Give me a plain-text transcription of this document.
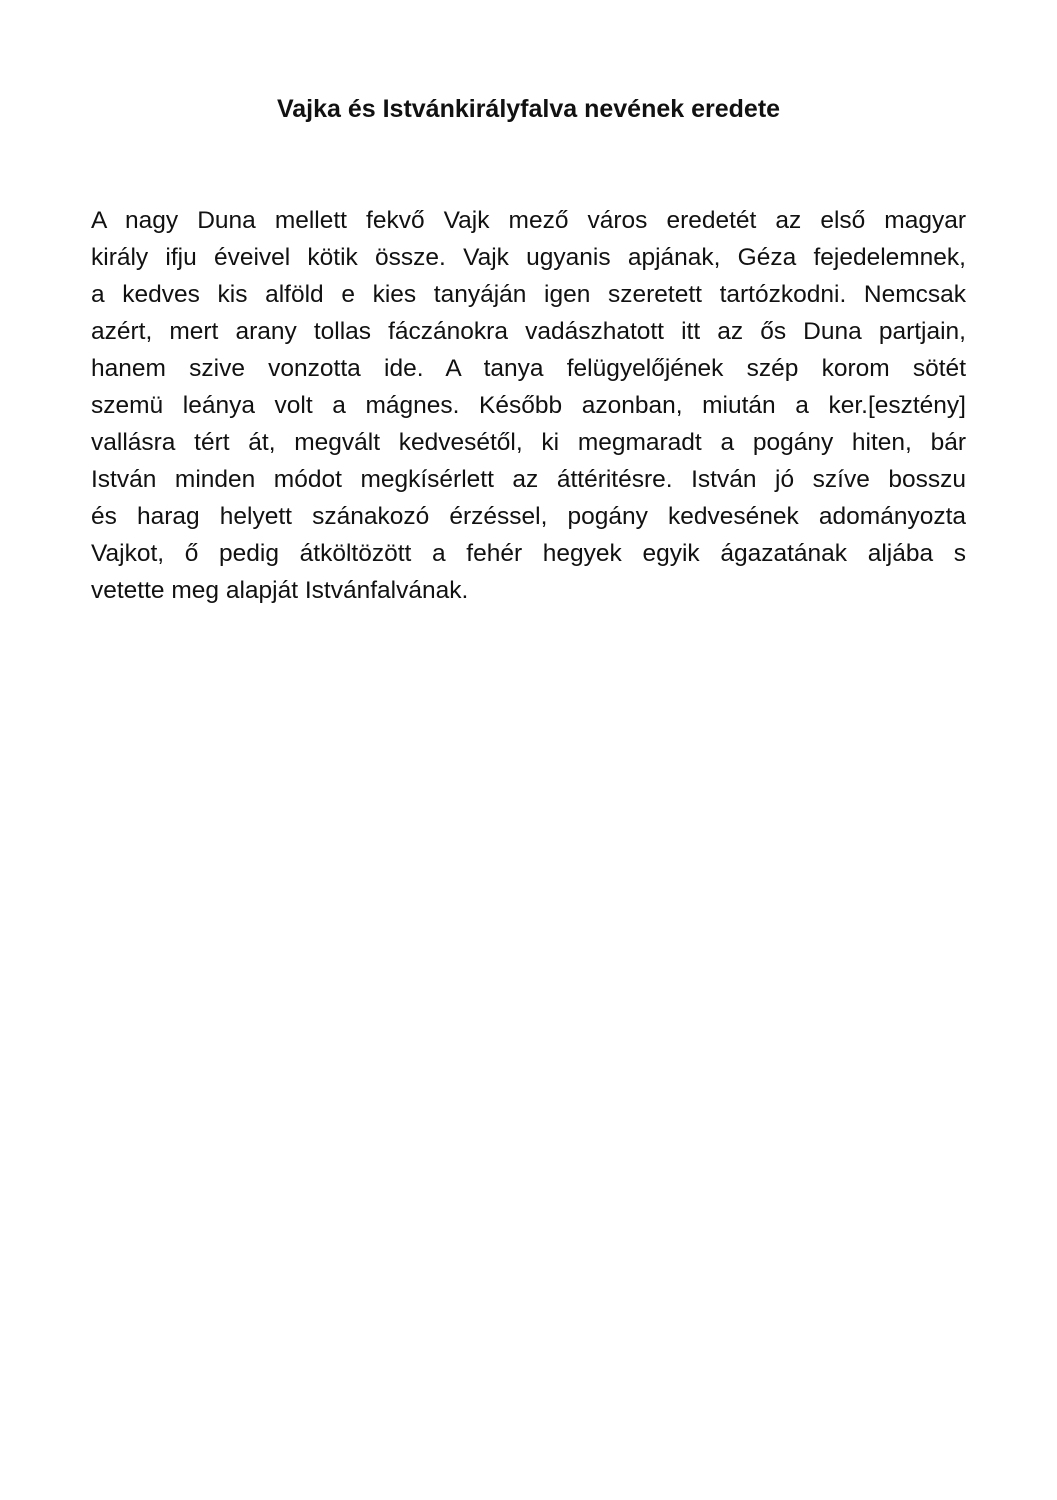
Vajka és Istvánkirályfalva nevének eredete
A nagy Duna mellett fekvő Vajk mező város eredetét az első magyar
király ifju éveivel kötik össze. Vajk ugyanis apjának, Géza fejedelemnek,
a kedves kis alföld e kies tanyáján igen szeretett tartózkodni. Nemcsak
azért, mert arany tollas fáczánokra vadászhatott itt az ős Duna partjain,
hanem szive vonzotta ide. A tanya felügyelőjének szép korom sötét
szemü leánya volt a mágnes. Később azonban, miután a ker.[esztény]
vallásra tért át, megvált kedvesétől, ki megmaradt a pogány hiten, bár
István minden módot megkísérlett az áttéritésre. István jó szíve bosszu
és harag helyett szánakozó érzéssel, pogány kedvesének adományozta
Vajkot, ő pedig átköltözött a fehér hegyek egyik ágazatának aljába s
vetette meg alapját Istvánfalvának.
